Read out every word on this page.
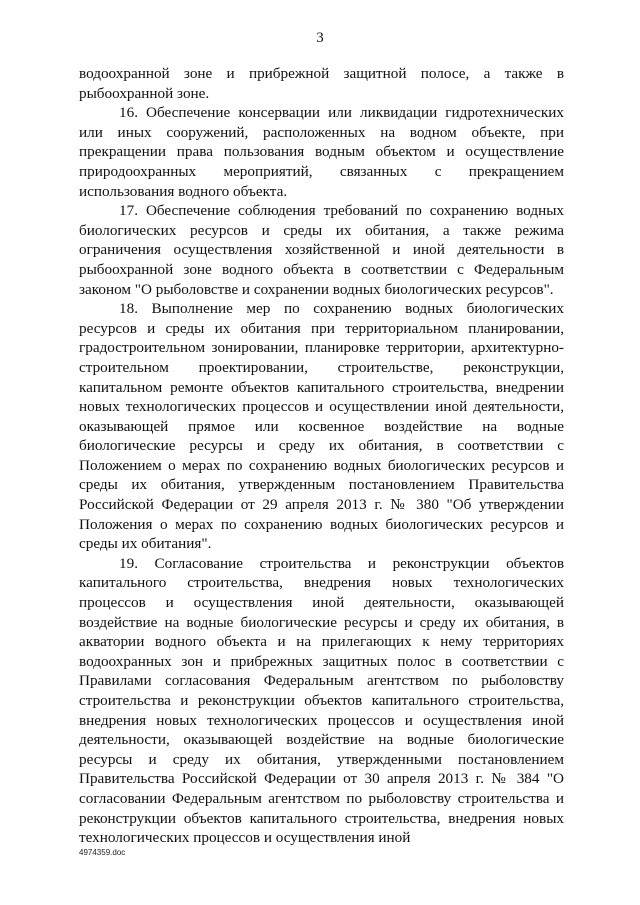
3

водоохранной зоне и прибрежной защитной полосе, а также в рыбоохранной зоне.

16. Обеспечение консервации или ликвидации гидротехнических или иных сооружений, расположенных на водном объекте, при прекращении права пользования водным объектом и осуществление природоохранных мероприятий, связанных с прекращением использования водного объекта.

17. Обеспечение соблюдения требований по сохранению водных биологических ресурсов и среды их обитания, а также режима ограничения осуществления хозяйственной и иной деятельности в рыбоохранной зоне водного объекта в соответствии с Федеральным законом "О рыболовстве и сохранении водных биологических ресурсов".

18. Выполнение мер по сохранению водных биологических ресурсов и среды их обитания при территориальном планировании, градостроительном зонировании, планировке территории, архитектурно-строительном проектировании, строительстве, реконструкции, капитальном ремонте объектов капитального строительства, внедрении новых технологических процессов и осуществлении иной деятельности, оказывающей прямое или косвенное воздействие на водные биологические ресурсы и среду их обитания, в соответствии с Положением о мерах по сохранению водных биологических ресурсов и среды их обитания, утвержденным постановлением Правительства Российской Федерации от 29 апреля 2013 г. № 380 "Об утверждении Положения о мерах по сохранению водных биологических ресурсов и среды их обитания".

19. Согласование строительства и реконструкции объектов капитального строительства, внедрения новых технологических процессов и осуществления иной деятельности, оказывающей воздействие на водные биологические ресурсы и среду их обитания, в акватории водного объекта и на прилегающих к нему территориях водоохранных зон и прибрежных защитных полос в соответствии с Правилами согласования Федеральным агентством по рыболовству строительства и реконструкции объектов капитального строительства, внедрения новых технологических процессов и осуществления иной деятельности, оказывающей воздействие на водные биологические ресурсы и среду их обитания, утвержденными постановлением Правительства Российской Федерации от 30 апреля 2013 г. № 384 "О согласовании Федеральным агентством по рыболовству строительства и реконструкции объектов капитального строительства, внедрения новых технологических процессов и осуществления иной

4974359.doc
